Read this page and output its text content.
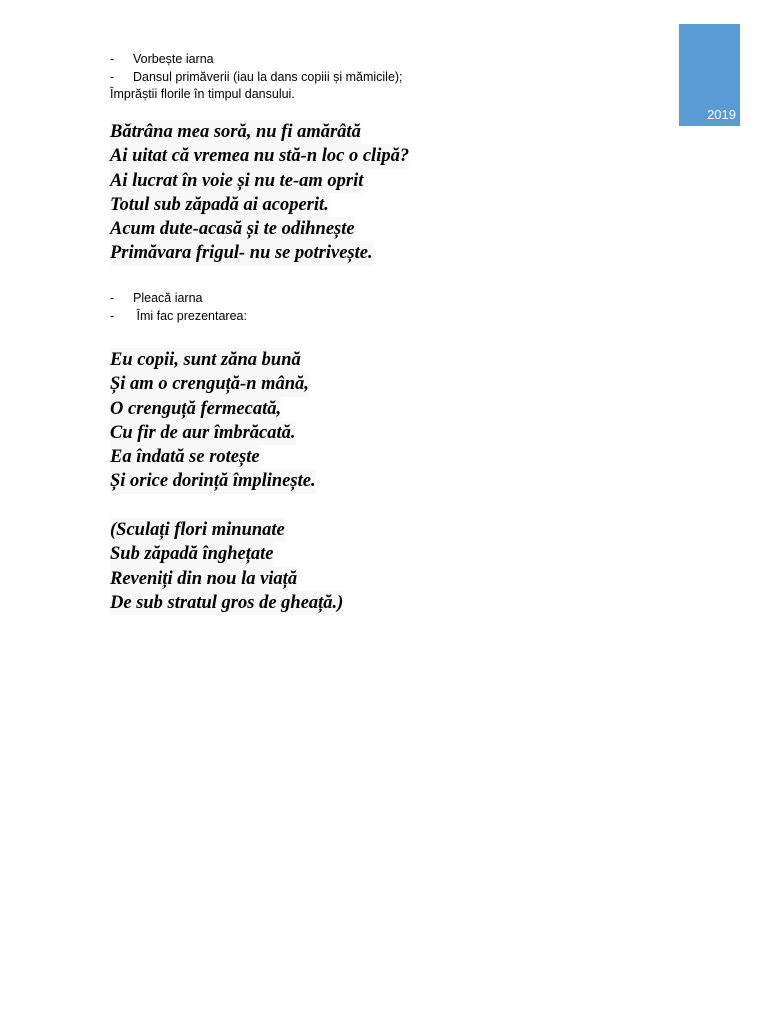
2019
-	Vorbește iarna
-	Dansul primăverii (iau la dans copiii și mămicile);
Împrăștii florile în timpul dansului.
Bătrâna mea soră, nu fi amărâtă
Ai uitat că vremea nu stă-n loc o clipă?
Ai lucrat în voie și nu te-am oprit
Totul sub zăpadă ai acoperit.
Acum dute-acasă și te odihnește
Primăvara frigul- nu se potrivește.
-	Pleacă iarna
-	Îmi fac prezentarea:
Eu copii, sunt zăna bună
Și am o crenguță-n mână,
O crenguță fermecată,
Cu fir de aur îmbrăcată.
Ea îndată se rotește
Și orice dorință împlinește.
(Sculați flori minunate
Sub zăpadă înghețate
Reveniți din nou la viață
De sub stratul gros de gheață.)
